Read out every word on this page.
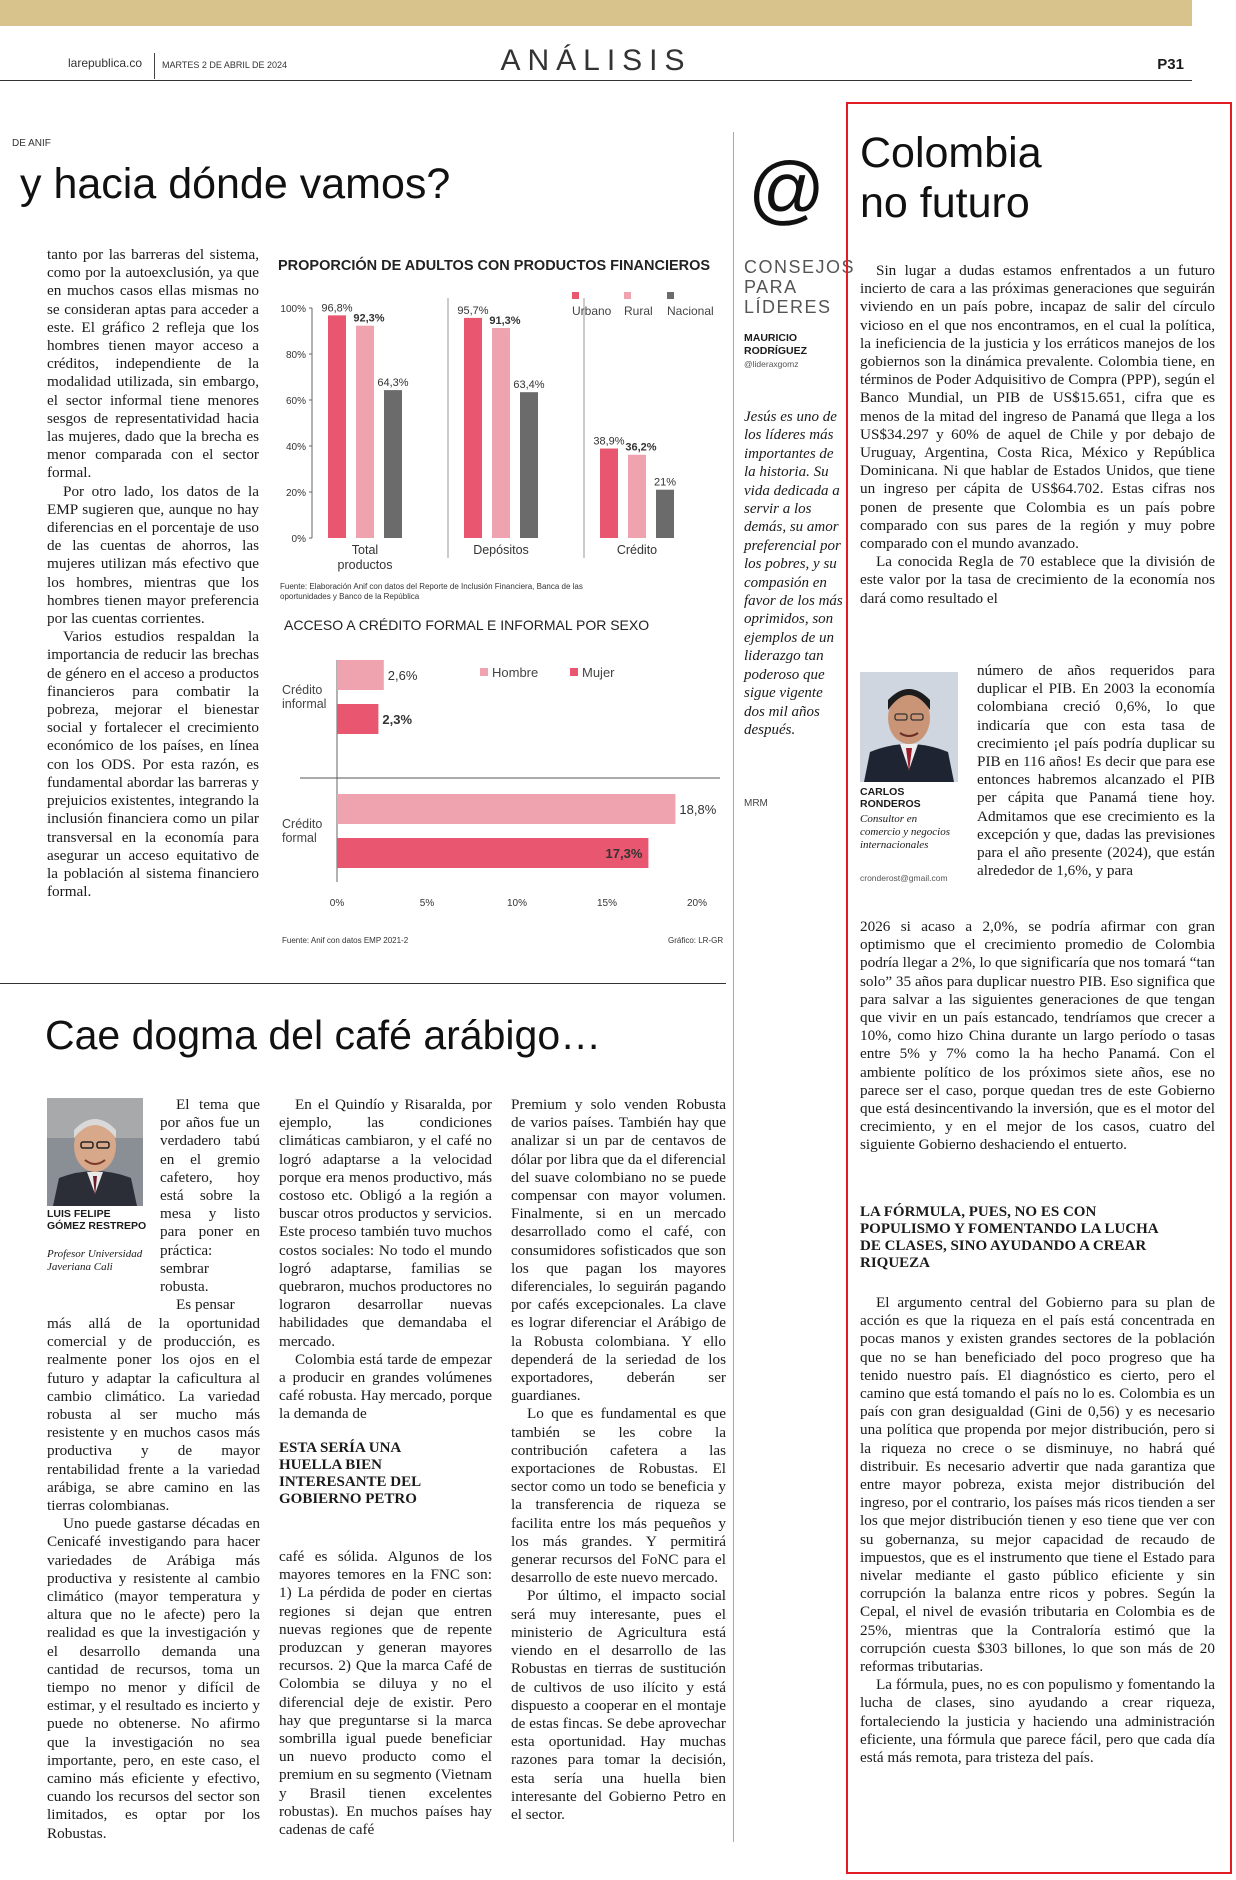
larepublica.co MARTES 2 DE ABRIL DE 2024	ANÁLISIS	P31
DE ANIF
y hacia dónde vamos?

tanto por las barreras del sistema, como por la autoexclusión, ya que en muchos casos ellas mismas no se consideran aptas para acceder a este. El gráfico 2 refleja que los hombres tienen mayor acceso a créditos, independiente de la modalidad utilizada, sin embargo, el sector informal tiene menores sesgos de representatividad hacia las mujeres, dado que la brecha es menor comparada con el sector formal.

Por otro lado, los datos de la EMP sugieren que, aunque no hay diferencias en el porcentaje de uso de las cuentas de ahorros, las mujeres utilizan más efectivo que los hombres, mientras que los hombres tienen mayor preferencia por las cuentas corrientes.

Varios estudios respaldan la importancia de reducir las brechas de género en el acceso a productos financieros para combatir la pobreza, mejorar el bienestar social y fortalecer el crecimiento económico de los países, en línea con los ODS. Por esta razón, es fundamental abordar las barreras y prejuicios existentes, integrando la inclusión financiera como un pilar transversal en la economía para asegurar un acceso equitativo de la población al sistema financiero formal.

PROPORCIÓN DE ADULTOS CON PRODUCTOS FINANCIEROS
0%
20%
40%
60%
80%
100% 96,8%
92,3%
64,3%
Total
productos
95,7%
91,3%
63,4%
Depósitos
38,9%
36,2%
21%
Crédito
Urbano Rural Nacional
Fuente: Elaboración Anif con datos del Reporte de Inclusión Financiera, Banca de las oportunidades y Banco de la República
ACCESO A CRÉDITO FORMAL E INFORMAL POR SEXO
0%	5%	10%	15%	20%
2,6%
2,3%
Crédito
informal
18,8%
17,3%
Crédito
formal
Hombre	Mujer
Fuente: Anif con datos EMP 2021-2	Gráfico: LR-GR
Cae dogma del café arábigo…
LUIS FELIPE GÓMEZ RESTREPO
Profesor Universidad Javeriana Cali

El tema que por años fue un verdadero tabú en el gremio cafetero, hoy está sobre la mesa y listo para poner en práctica: sembrar robusta.

Es pensar

más allá de la oportunidad comercial y de producción, es realmente poner los ojos en el futuro y adaptar la caficultura al cambio climático. La variedad robusta al ser mucho más resistente y en muchos casos más productiva y de mayor rentabilidad frente a la variedad arábiga, se abre camino en las tierras colombianas.

Uno puede gastarse décadas en Cenicafé investigando para hacer variedades de Arábiga más productiva y resistente al cambio climático (mayor temperatura y altura que no le afecte) pero la realidad es que la investigación y el desarrollo demanda una cantidad de recursos, toma un tiempo no menor y difícil de estimar, y el resultado es incierto y puede no obtenerse. No afirmo que la investigación no sea importante, pero, en este caso, el camino más eficiente y efectivo, cuando los recursos del sector son limitados, es optar por los Robustas.

En el Quindío y Risaralda, por ejemplo, las condiciones climáticas cambiaron, y el café no logró adaptarse a la velocidad porque era menos productivo, más costoso etc. Obligó a la región a buscar otros productos y servicios. Este proceso también tuvo muchos costos sociales: No todo el mundo logró adaptarse, familias se quebraron, muchos productores no lograron desarrollar nuevas habilidades que demandaba el mercado.

Colombia está tarde de empezar a producir en grandes volúmenes café robusta. Hay mercado, porque la demanda de

ESTA SERÍA UNA HUELLA BIEN INTERESANTE DEL GOBIERNO PETRO

café es sólida. Algunos de los mayores temores en la FNC son: 1) La pérdida de poder en ciertas regiones si dejan que entren nuevas regiones que de repente produzcan y generan mayores recursos. 2) Que la marca Café de Colombia se diluya y no el diferencial deje de existir. Pero hay que preguntarse si la marca sombrilla igual puede beneficiar un nuevo producto como el premium en su segmento (Vietnam y Brasil tienen excelentes robustas). En muchos países hay cadenas de café

Premium y solo venden Robusta de varios países. También hay que analizar si un par de centavos de dólar por libra que da el diferencial del suave colombiano no se puede compensar con mayor volumen. Finalmente, si en un mercado desarrollado como el café, con consumidores sofisticados que son los que pagan los mayores diferenciales, lo seguirán pagando por cafés excepcionales. La clave es lograr diferenciar el Arábigo de la Robusta colombiana. Y ello dependerá de la seriedad de los exportadores, deberán ser guardianes.

Lo que es fundamental es que también se les cobre la contribución cafetera a las exportaciones de Robustas. El sector como un todo se beneficia y la transferencia de riqueza se facilita entre los más pequeños y los más grandes. Y permitirá generar recursos del FoNC para el desarrollo de este nuevo mercado.

Por último, el impacto social será muy interesante, pues el ministerio de Agricultura está viendo en el desarrollo de las Robustas en tierras de sustitución de cultivos de uso ilícito y está dispuesto a cooperar en el montaje de estas fincas. Se debe aprovechar esta oportunidad. Hay muchas razones para tomar la decisión, esta sería una huella bien interesante del Gobierno Petro en el sector.

@
CONSEJOS PARA LÍDERES
MAURICIO RODRÍGUEZ
@lideraxgomz
Jesús es uno de los líderes más importantes de la historia. Su vida dedicada a servir a los demás, su amor preferencial por los pobres, y su compasión en favor de los más oprimidos, son ejemplos de un liderazgo tan poderoso que sigue vigente dos mil años después.
MRM
Colombia
no futuro

Sin lugar a dudas estamos enfrentados a un futuro incierto de cara a las próximas generaciones que seguirán viviendo en un país pobre, incapaz de salir del círculo vicioso en el que nos encontramos, en el cual la política, la ineficiencia de la justicia y los erráticos manejos de los gobiernos son la dinámica prevalente. Colombia tiene, en términos de Poder Adquisitivo de Compra (PPP), según el Banco Mundial, un PIB de US$15.651, cifra que es menos de la mitad del ingreso de Panamá que llega a los US$34.297 y 60% de aquel de Chile y por debajo de Uruguay, Argentina, Costa Rica, México y República Dominicana. Ni que hablar de Estados Unidos, que tiene un ingreso per cápita de US$64.702. Estas cifras nos ponen de presente que Colombia es un país pobre comparado con sus pares de la región y muy pobre comparado con el mundo avanzado.

La conocida Regla de 70 establece que la división de este valor por la tasa de crecimiento de la economía nos dará como resultado el

CARLOS RONDEROS
Consultor en comercio y negocios internacionales
cronderost@gmail.com

número de años requeridos para duplicar el PIB. En 2003 la economía colombiana creció 0,6%, lo que indicaría que con esta tasa de crecimiento ¡el país podría duplicar su PIB en 116 años! Es decir que para ese entonces habremos alcanzado el PIB per cápita que Panamá tiene hoy. Admitamos que ese crecimiento es la excepción y que, dadas las previsiones para el año presente (2024), que están alrededor de 1,6%, y para

2026 si acaso a 2,0%, se podría afirmar con gran optimismo que el crecimiento promedio de Colombia podría llegar a 2%, lo que significaría que nos tomará “tan solo” 35 años para duplicar nuestro PIB. Eso significa que para salvar a las siguientes generaciones de que tengan que vivir en un país estancado, tendríamos que crecer a 10%, como hizo China durante un largo período o tasas entre 5% y 7% como la ha hecho Panamá. Con el ambiente político de los próximos siete años, ese no parece ser el caso, porque quedan tres de este Gobierno que está desincentivando la inversión, que es el motor del crecimiento, y en el mejor de los casos, cuatro del siguiente Gobierno deshaciendo el entuerto.

LA FÓRMULA, PUES, NO ES CON POPULISMO Y FOMENTANDO LA LUCHA DE CLASES, SINO AYUDANDO A CREAR RIQUEZA

El argumento central del Gobierno para su plan de acción es que la riqueza en el país está concentrada en pocas manos y existen grandes sectores de la población que no se han beneficiado del poco progreso que ha tenido nuestro país. El diagnóstico es cierto, pero el camino que está tomando el país no lo es. Colombia es un país con gran desigualdad (Gini de 0,56) y es necesario una política que propenda por mejor distribución, pero si la riqueza no crece o se disminuye, no habrá qué distribuir. Es necesario advertir que nada garantiza que entre mayor pobreza, exista mejor distribución del ingreso, por el contrario, los países más ricos tienden a ser los que mejor distribución tienen y eso tiene que ver con su gobernanza, su mejor capacidad de recaudo de impuestos, que es el instrumento que tiene el Estado para nivelar mediante el gasto público eficiente y sin corrupción la balanza entre ricos y pobres. Según la Cepal, el nivel de evasión tributaria en Colombia es de 25%, mientras que la Contraloría estimó que la corrupción cuesta $303 billones, lo que son más de 20 reformas tributarias.

La fórmula, pues, no es con populismo y fomentando la lucha de clases, sino ayudando a crear riqueza, fortaleciendo la justicia y haciendo una administración eficiente, una fórmula que parece fácil, pero que cada día está más remota, para tristeza del país.
